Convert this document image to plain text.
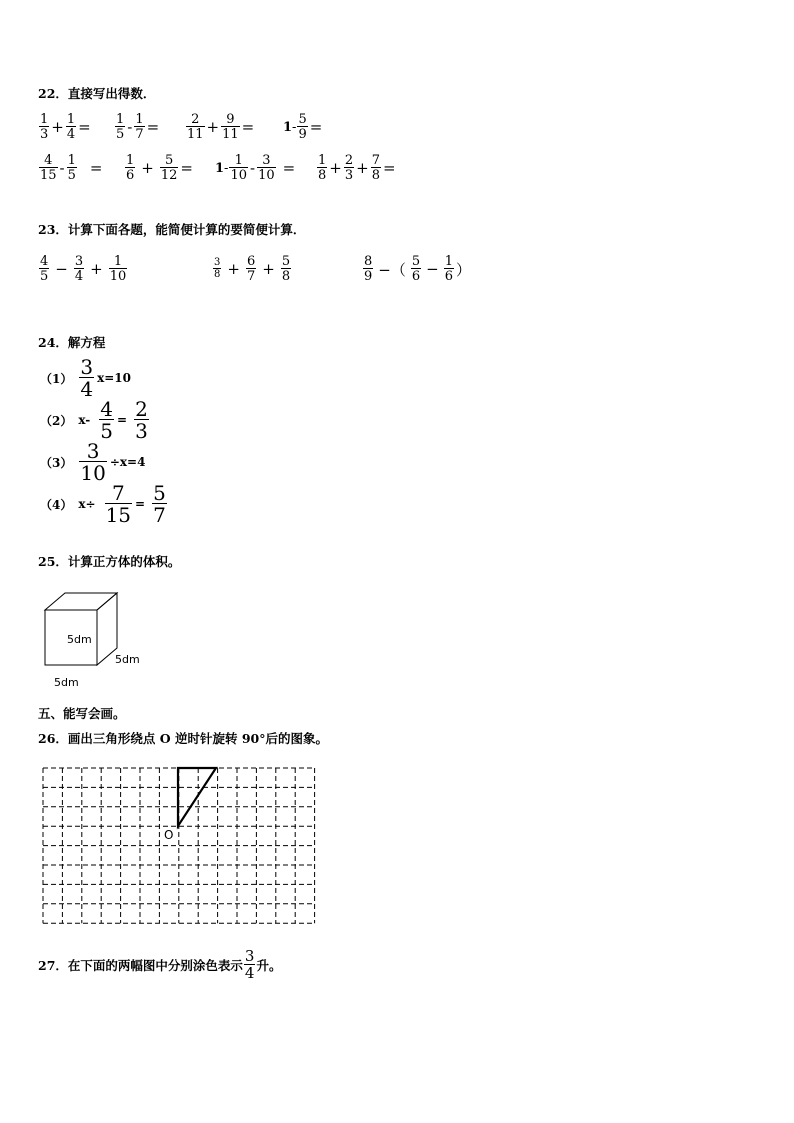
22．直接写出得数．
$\frac{1}{3} + \frac{1}{4} = \frac{1}{5} - \frac{1}{7} = \frac{2}{11} + \frac{9}{11} = 1 - \frac{5}{9}$ =
$\frac{4}{15} - \frac{1}{5} = \frac{1}{6} + \frac{5}{12} = 1 - \frac{1}{10} - \frac{3}{10} = \frac{1}{8} + \frac{2}{3} + \frac{7}{8}$ =
23．计算下面各题，能简便计算的要简便计算．
$\frac{4}{5} - \frac{3}{4} + \frac{1}{10}$	$\frac{3}{8} + \frac{6}{7} + \frac{5}{8}$	$\frac{8}{9}$ −（ $\frac{5}{6} - \frac{1}{6}$ ）
24．解方程
$(1) \frac{3}{4} x=10$
（2） $x- \frac{4}{5} = \frac{2}{3}$
$(3) \frac{3}{10} \div x=4$
（4） $x\div \frac{7}{15} = \frac{5}{7}$
25．计算正方体的体积。
5dm
5dm
5dm
五、能写会画。
26．画出三角形绕点 O 逆时针旋转 90°后的图象。
O
27．在下面的两幅图中分别涂色表示 $\frac{3}{4}$ 升。
